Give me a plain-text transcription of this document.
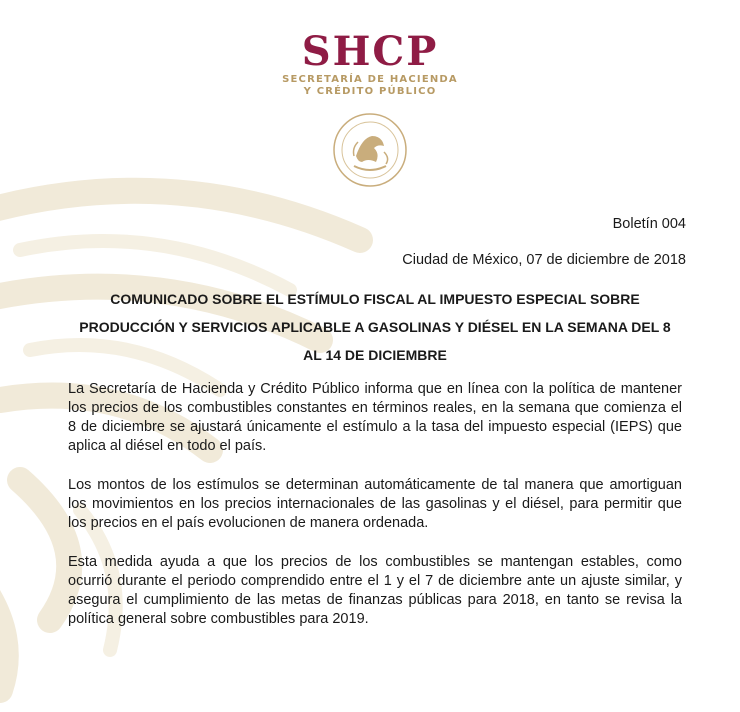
SHCP
SECRETARÍA DE HACIENDA
Y CRÉDITO PÚBLICO
Boletín 004
Ciudad de México, 07 de diciembre de 2018
COMUNICADO SOBRE EL ESTÍMULO FISCAL AL IMPUESTO ESPECIAL SOBRE PRODUCCIÓN Y SERVICIOS APLICABLE A GASOLINAS Y DIÉSEL EN LA SEMANA DEL 8 AL 14 DE DICIEMBRE

La Secretaría de Hacienda y Crédito Público informa que en línea con la política de mantener los precios de los combustibles constantes en términos reales, en la semana que comienza el 8 de diciembre se ajustará únicamente el estímulo a la tasa del impuesto especial (IEPS) que aplica al diésel en todo el país.

Los montos de los estímulos se determinan automáticamente de tal manera que amortiguan los movimientos en los precios internacionales de las gasolinas y el diésel, para permitir que los precios en el país evolucionen de manera ordenada.

Esta medida ayuda a que los precios de los combustibles se mantengan estables, como ocurrió durante el periodo comprendido entre el 1 y el 7 de diciembre ante un ajuste similar, y asegura el cumplimiento de las metas de finanzas públicas para 2018, en tanto se revisa la política general sobre combustibles para 2019.
